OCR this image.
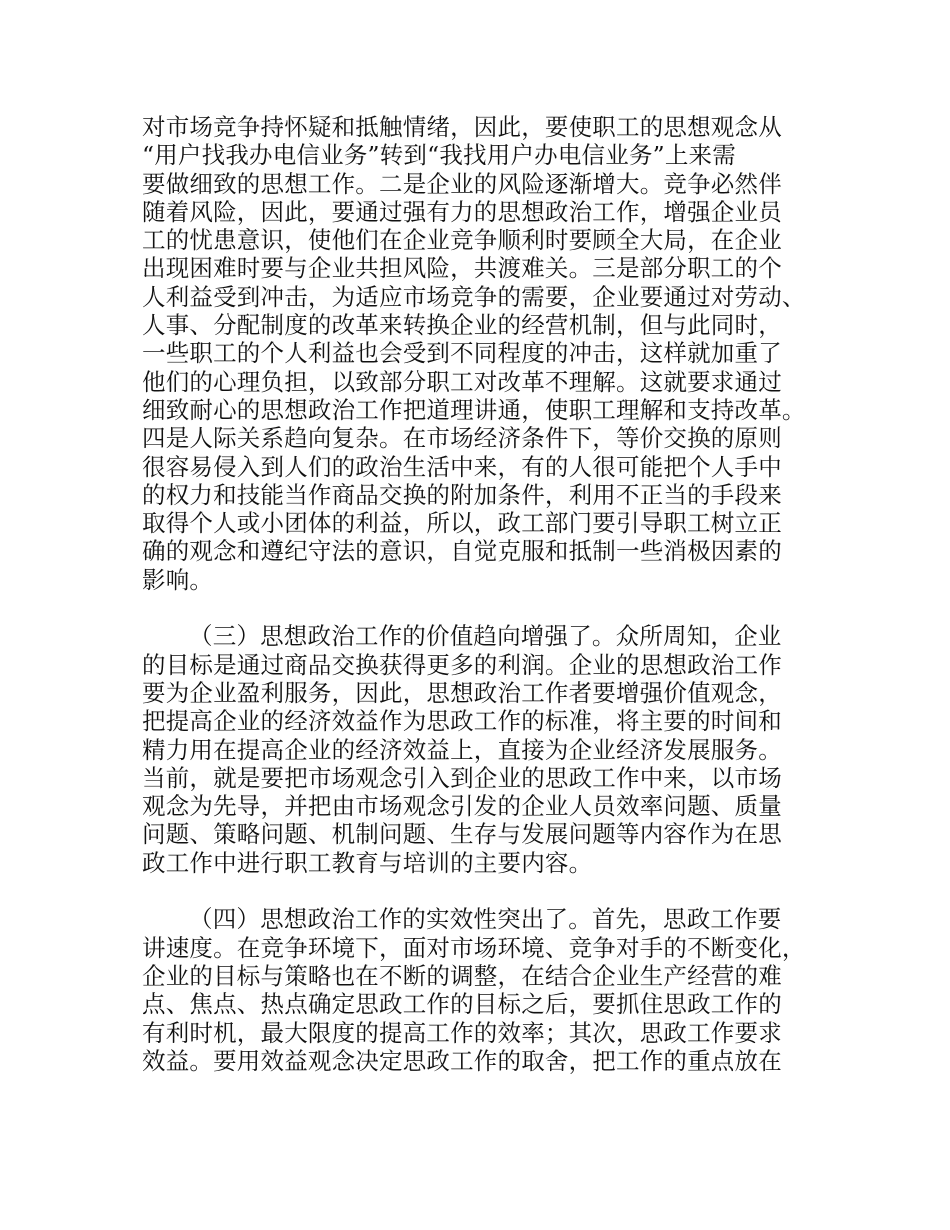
对市场竞争持怀疑和抵触情绪，因此，要使职工的思想观念从
“用户找我办电信业务”转到“我找用户办电信业务”上来需
要做细致的思想工作。二是企业的风险逐渐增大。竞争必然伴
随着风险，因此，要通过强有力的思想政治工作，增强企业员
工的忧患意识，使他们在企业竞争顺利时要顾全大局，在企业
出现困难时要与企业共担风险，共渡难关。三是部分职工的个
人利益受到冲击，为适应市场竞争的需要，企业要通过对劳动、
人事、分配制度的改革来转换企业的经营机制，但与此同时，
一些职工的个人利益也会受到不同程度的冲击，这样就加重了
他们的心理负担，以致部分职工对改革不理解。这就要求通过
细致耐心的思想政治工作把道理讲通，使职工理解和支持改革。
四是人际关系趋向复杂。在市场经济条件下，等价交换的原则
很容易侵入到人们的政治生活中来，有的人很可能把个人手中
的权力和技能当作商品交换的附加条件，利用不正当的手段来
取得个人或小团体的利益，所以，政工部门要引导职工树立正
确的观念和遵纪守法的意识，自觉克服和抵制一些消极因素的
影响。
（三）思想政治工作的价值趋向增强了。众所周知，企业
的目标是通过商品交换获得更多的利润。企业的思想政治工作
要为企业盈利服务，因此，思想政治工作者要增强价值观念，
把提高企业的经济效益作为思政工作的标准，将主要的时间和
精力用在提高企业的经济效益上，直接为企业经济发展服务。
当前，就是要把市场观念引入到企业的思政工作中来，以市场
观念为先导，并把由市场观念引发的企业人员效率问题、质量
问题、策略问题、机制问题、生存与发展问题等内容作为在思
政工作中进行职工教育与培训的主要内容。
（四）思想政治工作的实效性突出了。首先，思政工作要
讲速度。在竞争环境下，面对市场环境、竞争对手的不断变化，
企业的目标与策略也在不断的调整，在结合企业生产经营的难
点、焦点、热点确定思政工作的目标之后，要抓住思政工作的
有利时机，最大限度的提高工作的效率；其次，思政工作要求
效益。要用效益观念决定思政工作的取舍，把工作的重点放在
